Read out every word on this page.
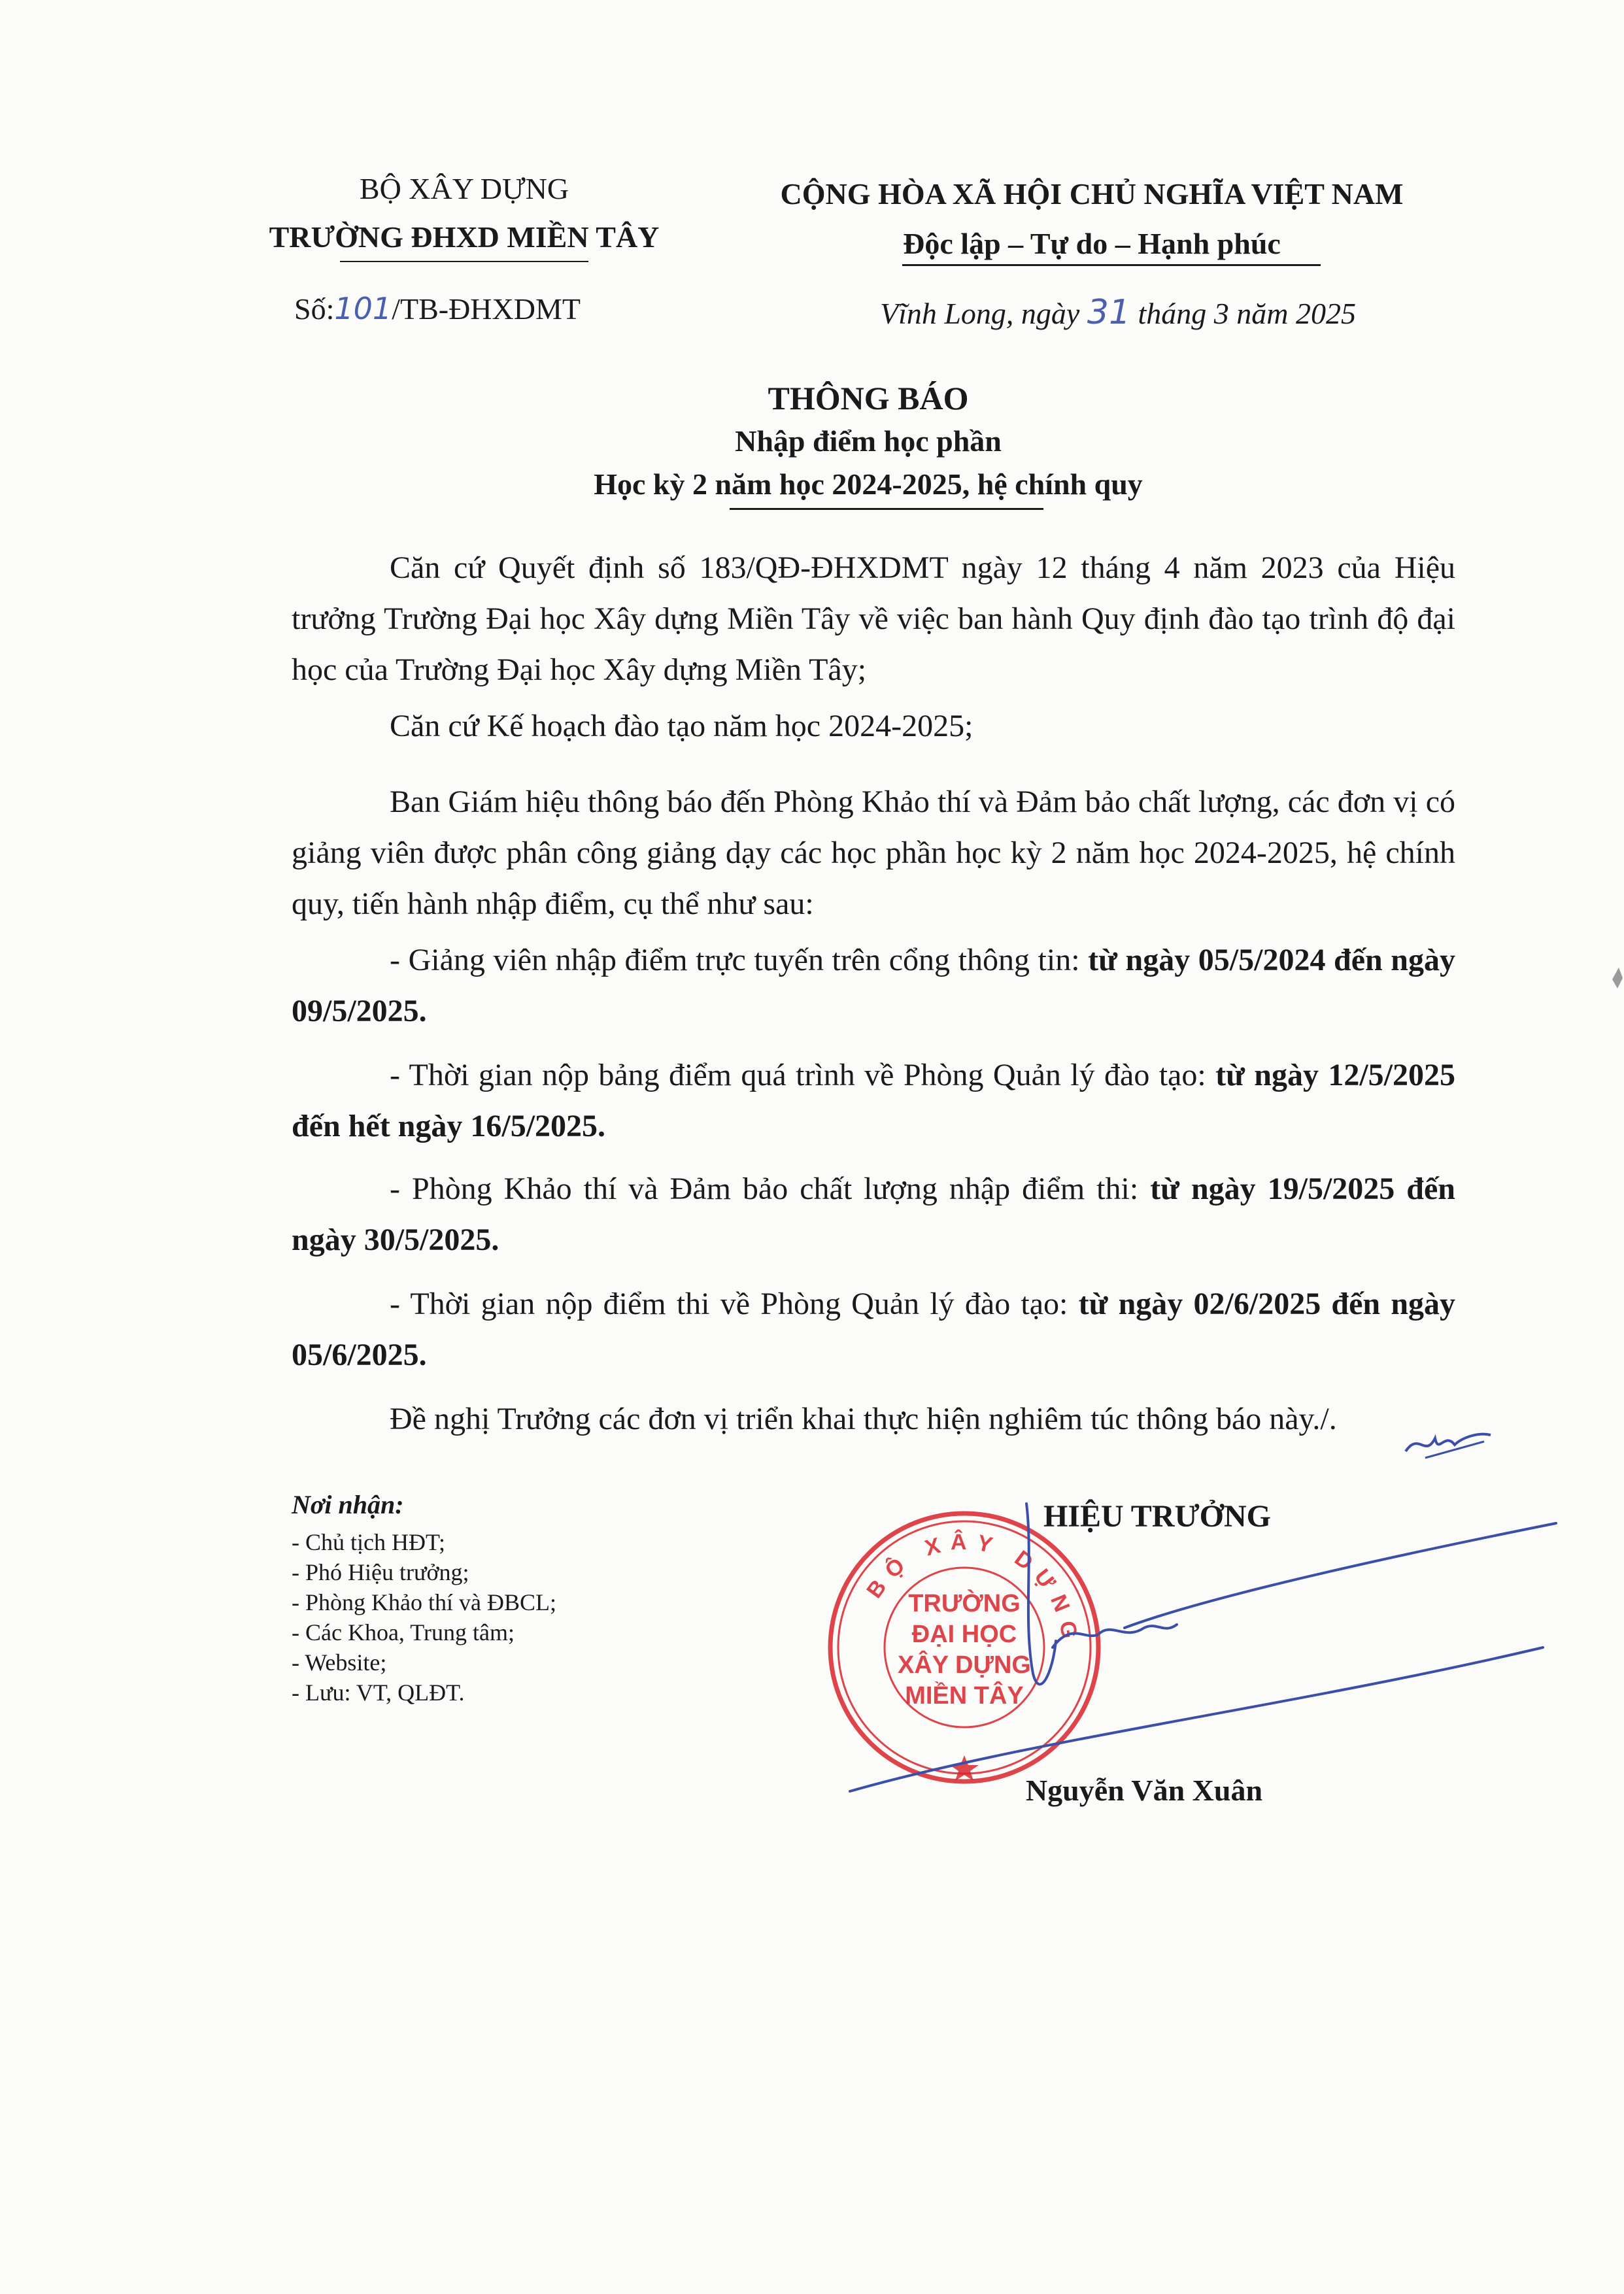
BỘ XÂY DỰNG
TRƯỜNG ĐHXD MIỀN TÂY
Số:101/TB-ĐHXDMT
CỘNG HÒA XÃ HỘI CHỦ NGHĨA VIỆT NAM
Độc lập – Tự do – Hạnh phúc
Vĩnh Long, ngày 31 tháng 3 năm 2025
THÔNG BÁO
Nhập điểm học phần
Học kỳ 2 năm học 2024-2025, hệ chính quy
Căn cứ Quyết định số 183/QĐ-ĐHXDMT ngày 12 tháng 4 năm 2023 của Hiệu trưởng Trường Đại học Xây dựng Miền Tây về việc ban hành Quy định đào tạo trình độ đại học của Trường Đại học Xây dựng Miền Tây;
Căn cứ Kế hoạch đào tạo năm học 2024-2025;
Ban Giám hiệu thông báo đến Phòng Khảo thí và Đảm bảo chất lượng, các đơn vị có giảng viên được phân công giảng dạy các học phần học kỳ 2 năm học 2024-2025, hệ chính quy, tiến hành nhập điểm, cụ thể như sau:
- Giảng viên nhập điểm trực tuyến trên cổng thông tin: từ ngày 05/5/2024 đến ngày 09/5/2025.
- Thời gian nộp bảng điểm quá trình về Phòng Quản lý đào tạo: từ ngày 12/5/2025 đến hết ngày 16/5/2025.
- Phòng Khảo thí và Đảm bảo chất lượng nhập điểm thi: từ ngày 19/5/2025 đến ngày 30/5/2025.
- Thời gian nộp điểm thi về Phòng Quản lý đào tạo: từ ngày 02/6/2025 đến ngày 05/6/2025.
Đề nghị Trưởng các đơn vị triển khai thực hiện nghiêm túc thông báo này./.
Nơi nhận:
- Chủ tịch HĐT;
- Phó Hiệu trưởng;
- Phòng Khảo thí và ĐBCL;
- Các Khoa, Trung tâm;
- Website;
- Lưu: VT, QLĐT.
HIỆU TRƯỞNG
BỘ XÂY DỰNG
TRƯỜNG
ĐẠI HỌC
XÂY DỰNG
MIỀN TÂY
Nguyễn Văn Xuân
